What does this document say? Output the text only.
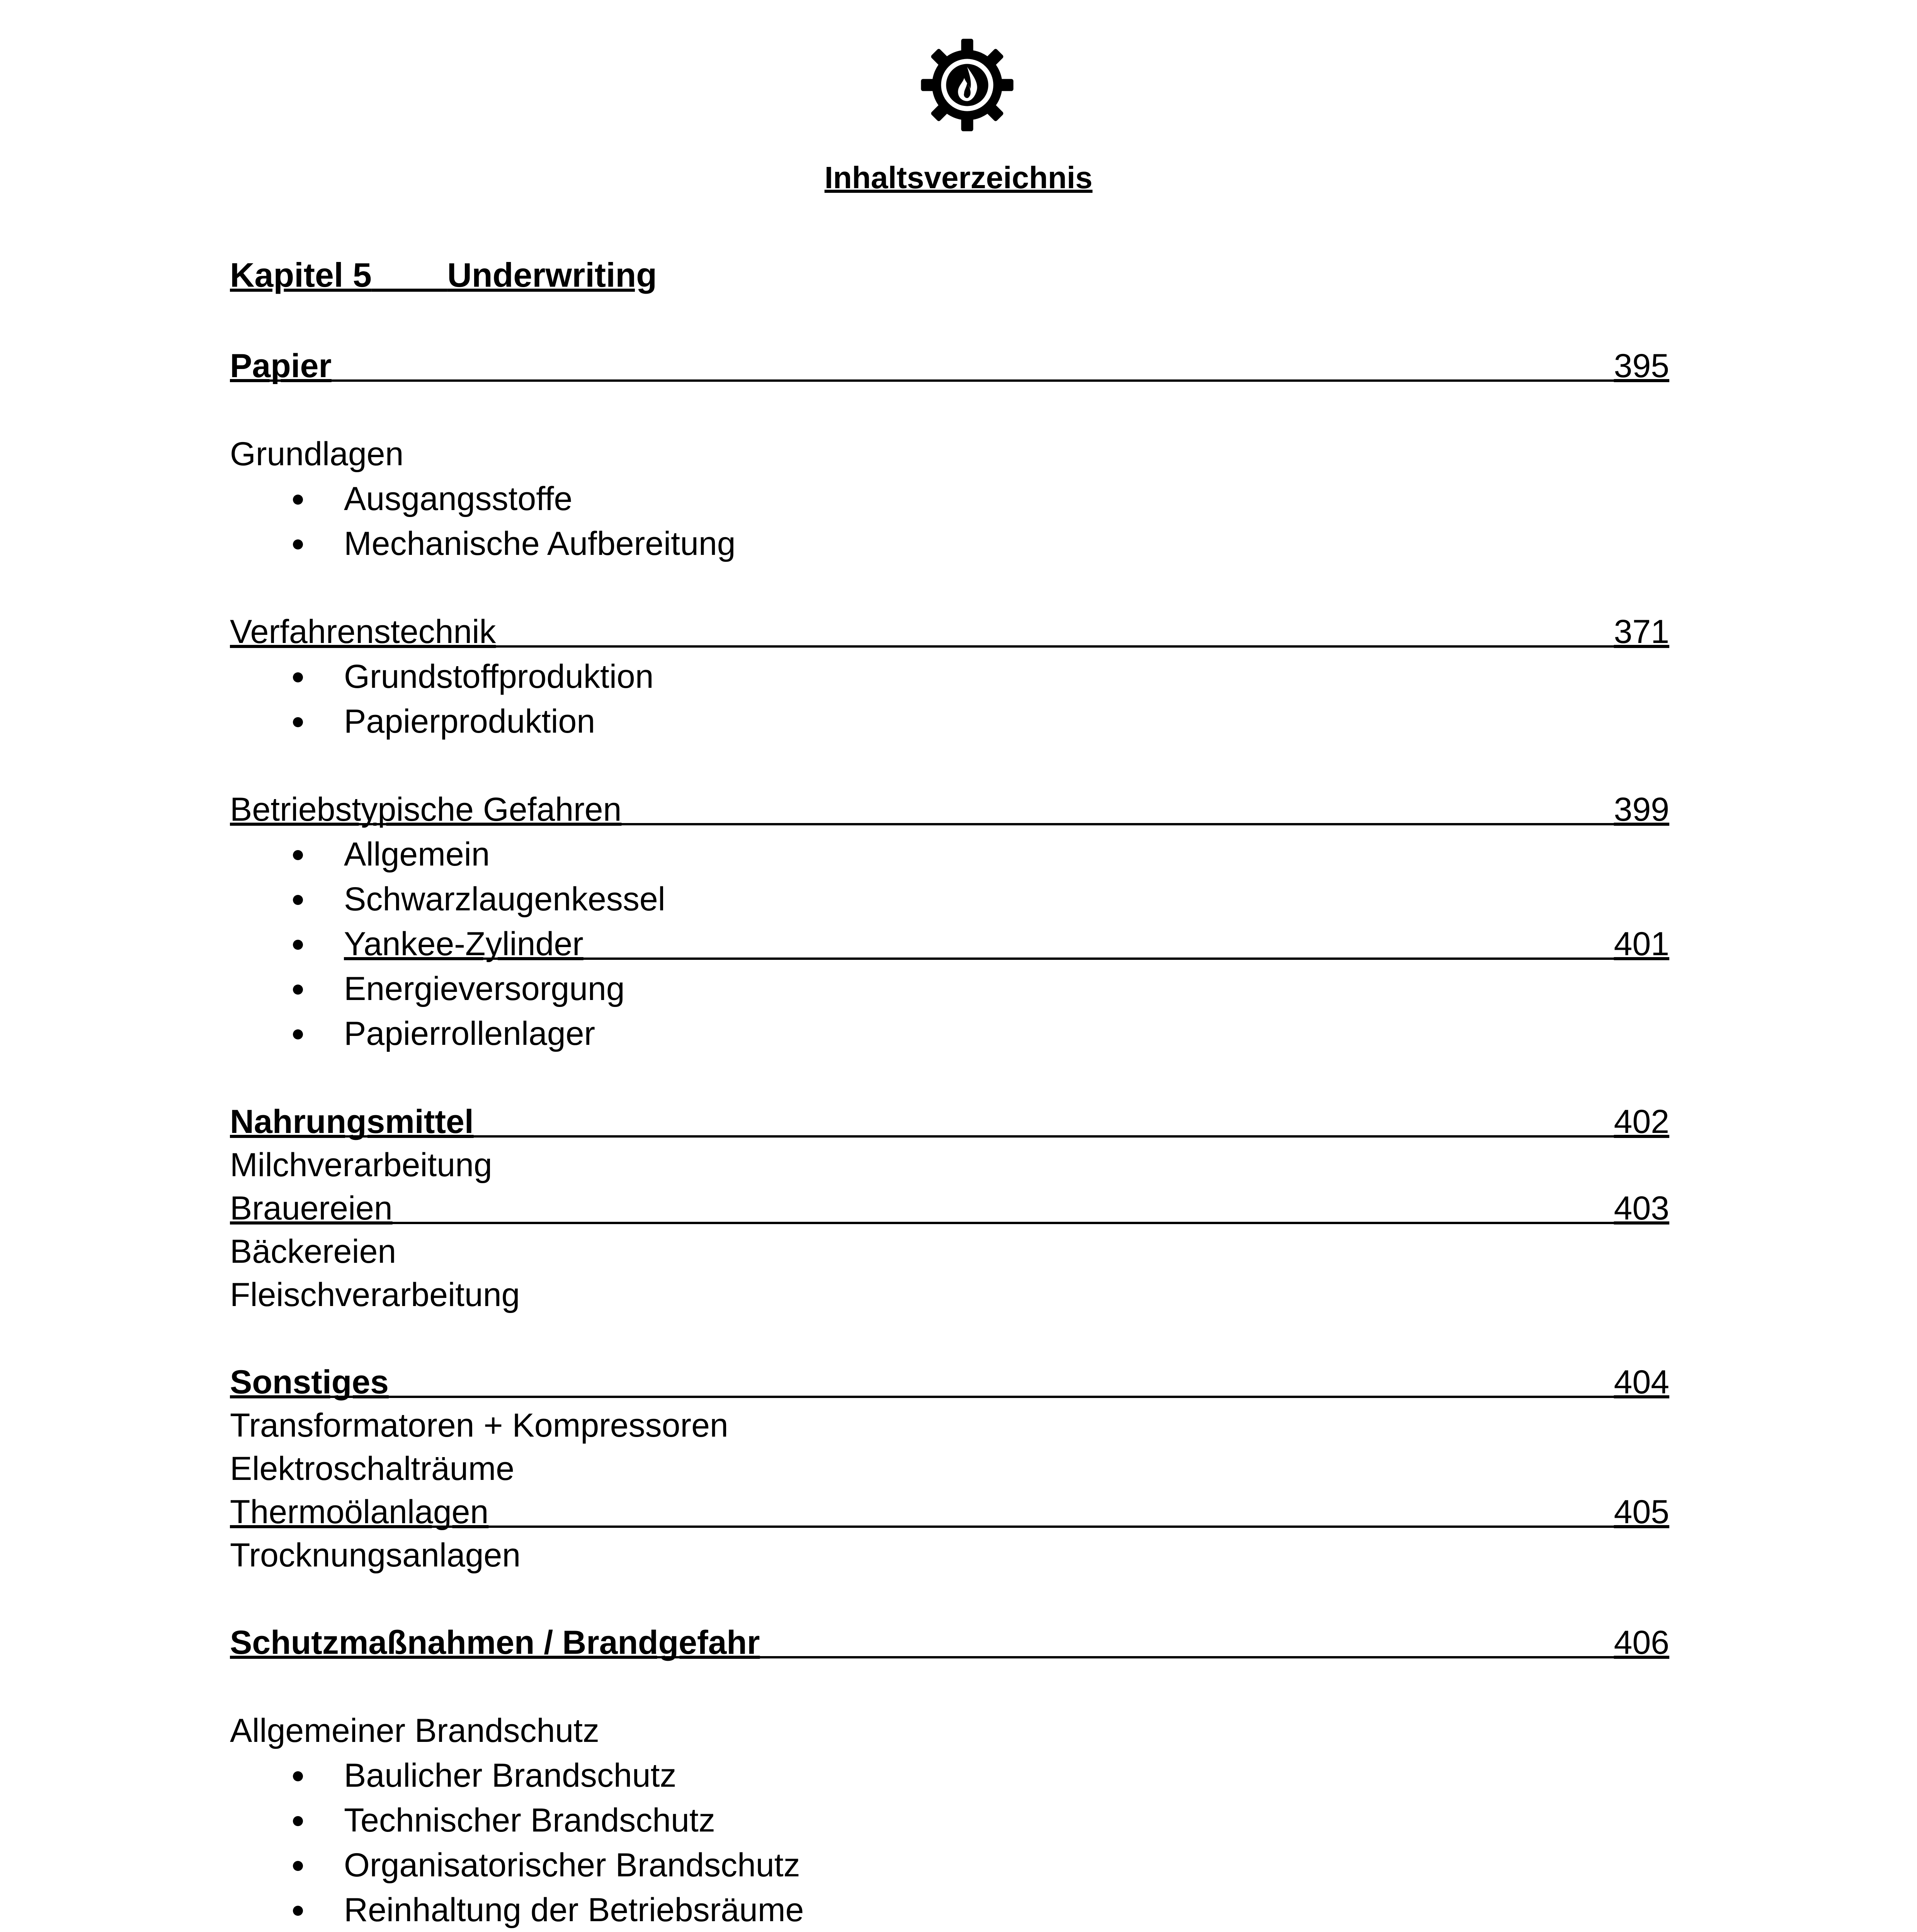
Inhaltsverzeichnis
Kapitel 5 Underwriting
Papier	395
Grundlagen
Ausgangsstoffe
Mechanische Aufbereitung
Verfahrenstechnik	371
Grundstoffproduktion
Papierproduktion
Betriebstypische Gefahren	399
Allgemein
Schwarzlaugenkessel
Yankee-Zylinder	401
Energieversorgung
Papierrollenlager
Nahrungsmittel	402
Milchverarbeitung
Brauereien	403
Bäckereien
Fleischverarbeitung
Sonstiges	404
Transformatoren + Kompressoren
Elektroschalträume
Thermoölanlagen	405
Trocknungsanlagen
Schutzmaßnahmen / Brandgefahr	406
Allgemeiner Brandschutz
Baulicher Brandschutz
Technischer Brandschutz
Organisatorischer Brandschutz
Reinhaltung der Betriebsräume
